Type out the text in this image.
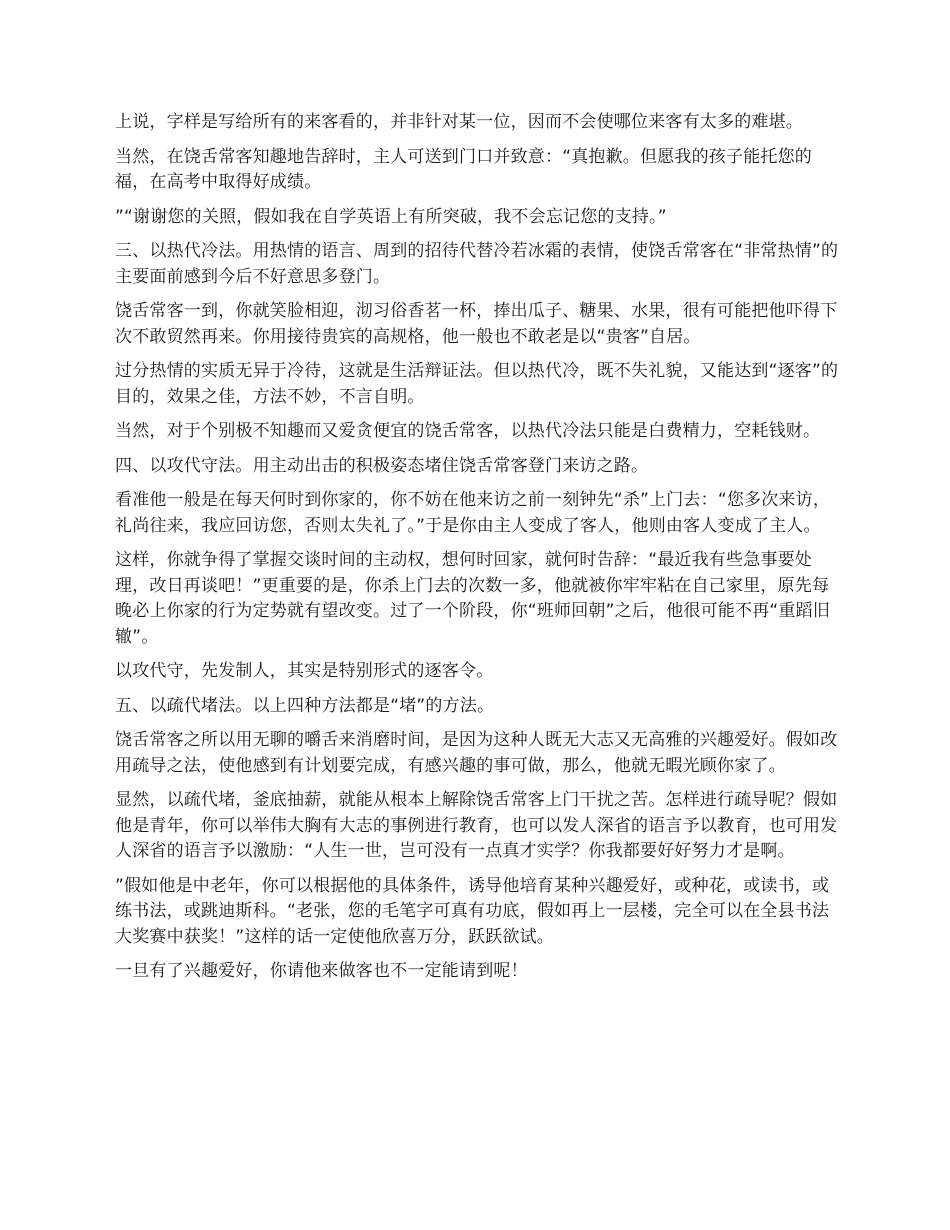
上说，字样是写给所有的来客看的，并非针对某一位，因而不会使哪位来客有太多的难堪。

当然，在饶舌常客知趣地告辞时，主人可送到门口并致意：“真抱歉。但愿我的孩子能托您的福，在高考中取得好成绩。

”“谢谢您的关照，假如我在自学英语上有所突破，我不会忘记您的支持。”

三、以热代冷法。用热情的语言、周到的招待代替冷若冰霜的表情，使饶舌常客在“非常热情”的主要面前感到今后不好意思多登门。

饶舌常客一到，你就笑脸相迎，沏习俗香茗一杯，捧出瓜子、糖果、水果，很有可能把他吓得下次不敢贸然再来。你用接待贵宾的高规格，他一般也不敢老是以“贵客”自居。

过分热情的实质无异于冷待，这就是生活辩证法。但以热代冷，既不失礼貌，又能达到“逐客”的目的，效果之佳，方法不妙，不言自明。

当然，对于个别极不知趣而又爱贪便宜的饶舌常客，以热代冷法只能是白费精力，空耗钱财。

四、以攻代守法。用主动出击的积极姿态堵住饶舌常客登门来访之路。

看准他一般是在每天何时到你家的，你不妨在他来访之前一刻钟先“杀”上门去：“您多次来访，礼尚往来，我应回访您，否则太失礼了。”于是你由主人变成了客人，他则由客人变成了主人。

这样，你就争得了掌握交谈时间的主动权，想何时回家，就何时告辞：“最近我有些急事要处理，改日再谈吧！”更重要的是，你杀上门去的次数一多，他就被你牢牢粘在自己家里，原先每晚必上你家的行为定势就有望改变。过了一个阶段，你“班师回朝”之后，他很可能不再“重蹈旧辙”。

以攻代守，先发制人，其实是特别形式的逐客令。

五、以疏代堵法。以上四种方法都是“堵”的方法。

饶舌常客之所以用无聊的嚼舌来消磨时间，是因为这种人既无大志又无高雅的兴趣爱好。假如改用疏导之法，使他感到有计划要完成，有感兴趣的事可做，那么，他就无暇光顾你家了。

显然，以疏代堵，釜底抽薪，就能从根本上解除饶舌常客上门干扰之苦。怎样进行疏导呢？假如他是青年，你可以举伟大胸有大志的事例进行教育，也可以发人深省的语言予以教育，也可用发人深省的语言予以激励：“人生一世，岂可没有一点真才实学？你我都要好好努力才是啊。

”假如他是中老年，你可以根据他的具体条件，诱导他培育某种兴趣爱好，或种花，或读书，或练书法，或跳迪斯科。“老张，您的毛笔字可真有功底，假如再上一层楼，完全可以在全县书法大奖赛中获奖！”这样的话一定使他欣喜万分，跃跃欲试。

一旦有了兴趣爱好，你请他来做客也不一定能请到呢！
